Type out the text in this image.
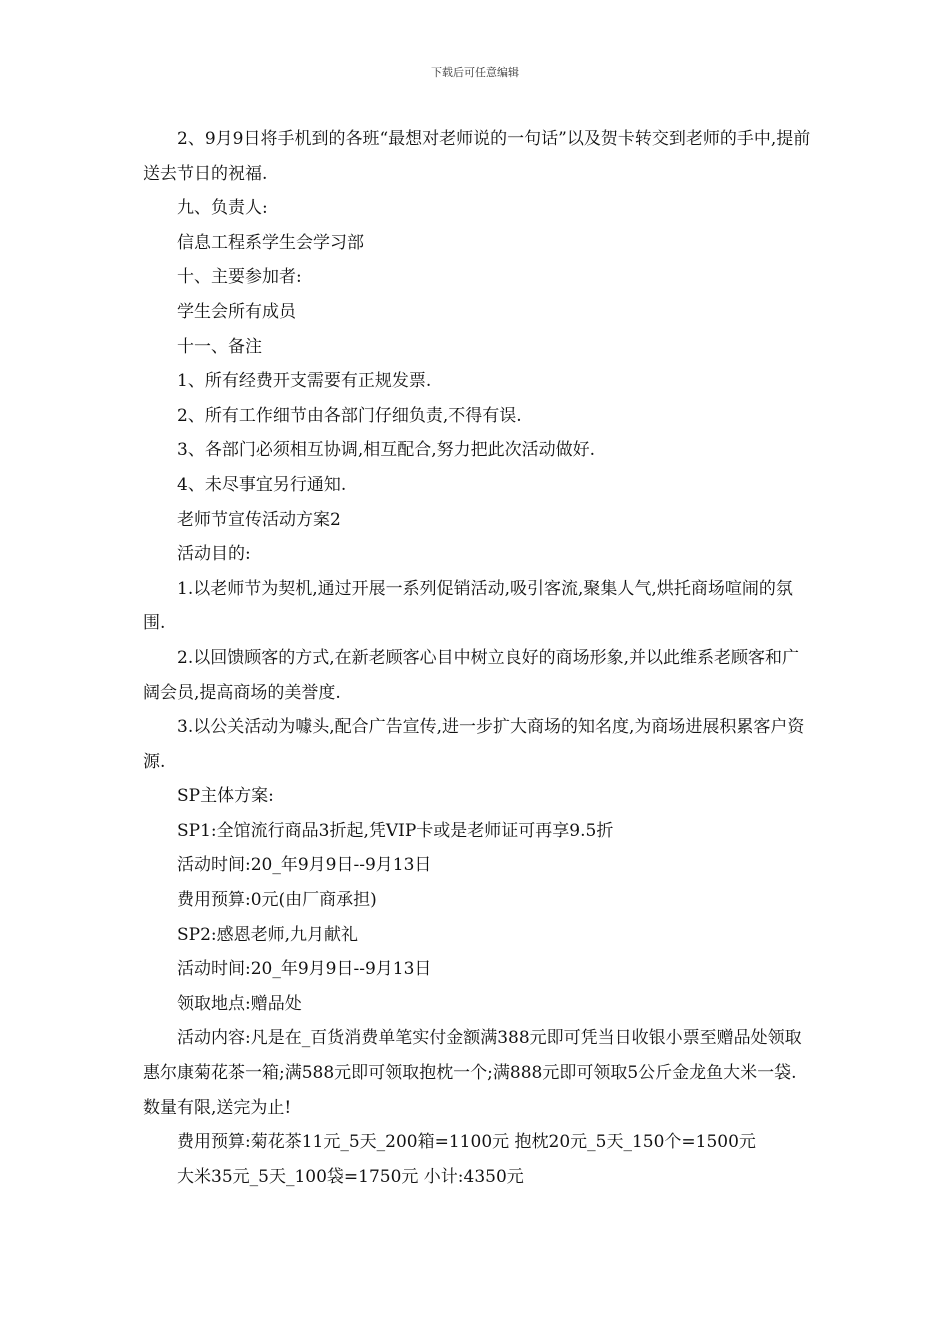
下载后可任意编辑

2、9月9日将手机到的各班“最想对老师说的一句话”以及贺卡转交到老师的手中,提前送去节日的祝福.

九、负责人:

信息工程系学生会学习部

十、主要参加者:

学生会所有成员

十一、备注

1、所有经费开支需要有正规发票.

2、所有工作细节由各部门仔细负责,不得有误.

3、各部门必须相互协调,相互配合,努力把此次活动做好.

4、未尽事宜另行通知.

老师节宣传活动方案2

活动目的:

1.以老师节为契机,通过开展一系列促销活动,吸引客流,聚集人气,烘托商场喧闹的氛围.

2.以回馈顾客的方式,在新老顾客心目中树立良好的商场形象,并以此维系老顾客和广阔会员,提高商场的美誉度.

3.以公关活动为噱头,配合广告宣传,进一步扩大商场的知名度,为商场进展积累客户资源.

SP主体方案:

SP1:全馆流行商品3折起,凭VIP卡或是老师证可再享9.5折

活动时间:20_年9月9日--9月13日

费用预算:0元(由厂商承担)

SP2:感恩老师,九月献礼

活动时间:20_年9月9日--9月13日

领取地点:赠品处

活动内容:凡是在_百货消费单笔实付金额满388元即可凭当日收银小票至赠品处领取惠尔康菊花茶一箱;满588元即可领取抱枕一个;满888元即可领取5公斤金龙鱼大米一袋.数量有限,送完为止!

费用预算:菊花茶11元_5天_200箱=1100元 抱枕20元_5天_150个=1500元

大米35元_5天_100袋=1750元 小计:4350元
